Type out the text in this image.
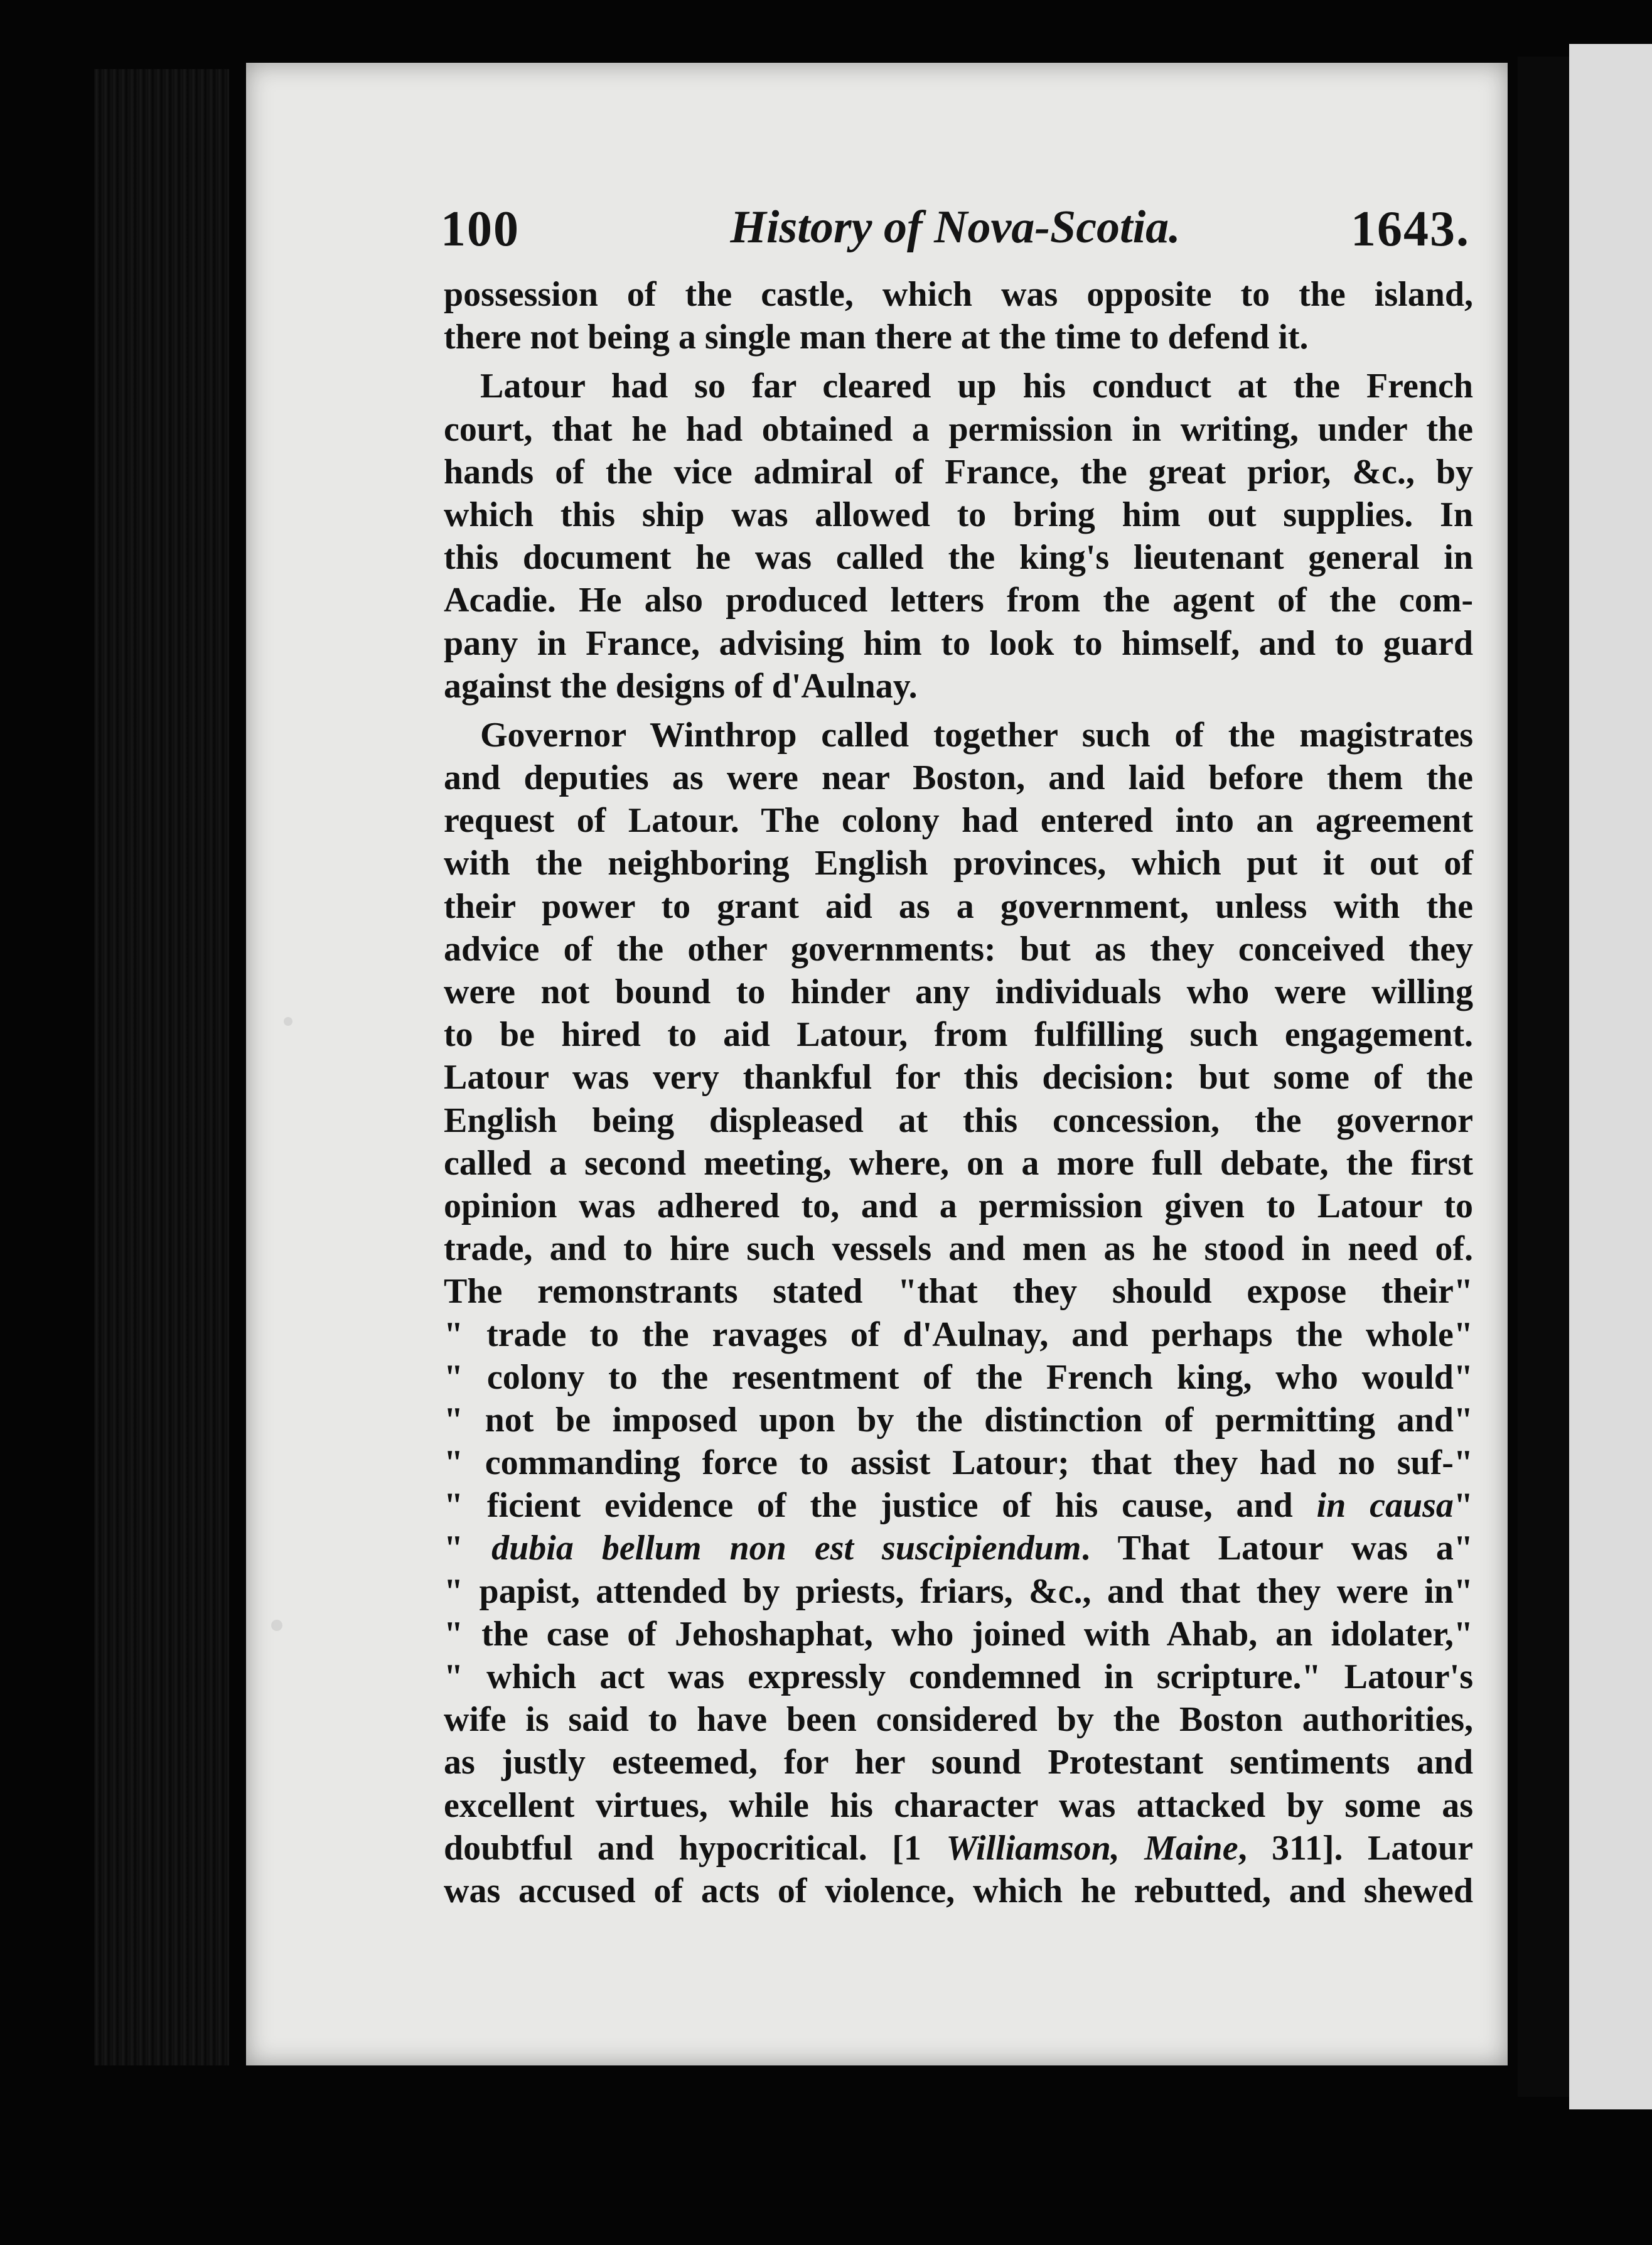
100	History of Nova-Scotia.	1643.
possession of the castle, which was opposite to the island,
there not being a single man there at the time to defend it.
Latour had so far cleared up his conduct at the French
court, that he had obtained a permission in writing, under the
hands of the vice admiral of France, the great prior, &c., by
which this ship was allowed to bring him out supplies. In
this document he was called the king's lieutenant general in
Acadie. He also produced letters from the agent of the com-
pany in France, advising him to look to himself, and to guard
against the designs of d'Aulnay.
Governor Winthrop called together such of the magistrates
and deputies as were near Boston, and laid before them the
request of Latour. The colony had entered into an agreement
with the neighboring English provinces, which put it out of
their power to grant aid as a government, unless with the
advice of the other governments: but as they conceived they
were not bound to hinder any individuals who were willing
to be hired to aid Latour, from fulfilling such engagement.
Latour was very thankful for this decision: but some of the
English being displeased at this concession, the governor
called a second meeting, where, on a more full debate, the first
opinion was adhered to, and a permission given to Latour to
trade, and to hire such vessels and men as he stood in need of.
The remonstrants stated "that they should expose their"
" trade to the ravages of d'Aulnay, and perhaps the whole"
" colony to the resentment of the French king, who would"
" not be imposed upon by the distinction of permitting and"
" commanding force to assist Latour; that they had no suf-"
" ficient evidence of the justice of his cause, and in causa"
" dubia bellum non est suscipiendum. That Latour was a"
" papist, attended by priests, friars, &c., and that they were in"
" the case of Jehoshaphat, who joined with Ahab, an idolater,"
" which act was expressly condemned in scripture." Latour's
wife is said to have been considered by the Boston authorities,
as justly esteemed, for her sound Protestant sentiments and
excellent virtues, while his character was attacked by some as
doubtful and hypocritical. [1 Williamson, Maine, 311]. Latour
was accused of acts of violence, which he rebutted, and shewed
